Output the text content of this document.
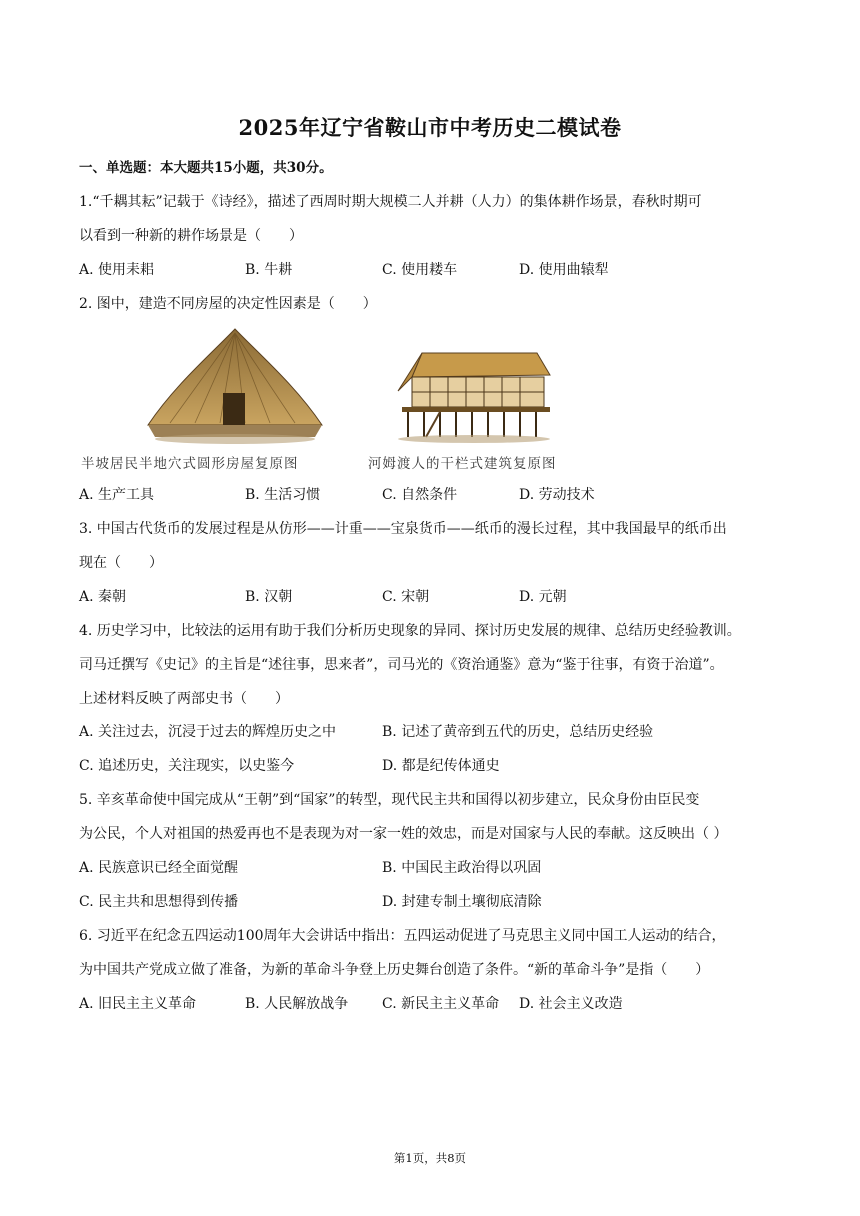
2025年辽宁省鞍山市中考历史二模试卷
一、单选题：本大题共15小题，共30分。
1.“千耦其耘”记载于《诗经》，描述了西周时期大规模二人并耕（人力）的集体耕作场景，春秋时期可
以看到一种新的耕作场景是（　　）
A. 使用耒耜	B. 牛耕	C. 使用耧车	D. 使用曲辕犁
2. 图中，建造不同房屋的决定性因素是（　　）
半坡居民半地穴式圆形房屋复原图	河姆渡人的干栏式建筑复原图
A. 生产工具	B. 生活习惯	C. 自然条件	D. 劳动技术
3. 中国古代货币的发展过程是从仿形——计重——宝泉货币——纸币的漫长过程，其中我国最早的纸币出
现在（　　）
A. 秦朝	B. 汉朝	C. 宋朝	D. 元朝
4. 历史学习中，比较法的运用有助于我们分析历史现象的异同、探讨历史发展的规律、总结历史经验教训。
司马迁撰写《史记》的主旨是“述往事，思来者”，司马光的《资治通鉴》意为“鉴于往事，有资于治道”。
上述材料反映了两部史书（　　）
A. 关注过去，沉浸于过去的辉煌历史之中	B. 记述了黄帝到五代的历史，总结历史经验
C. 追述历史，关注现实，以史鉴今	D. 都是纪传体通史
5. 辛亥革命使中国完成从“王朝”到“国家”的转型，现代民主共和国得以初步建立，民众身份由臣民变
为公民，个人对祖国的热爱再也不是表现为对一家一姓的效忠，而是对国家与人民的奉献。这反映出（ ）
A. 民族意识已经全面觉醒	B. 中国民主政治得以巩固
C. 民主共和思想得到传播	D. 封建专制土壤彻底清除
6. 习近平在纪念五四运动100周年大会讲话中指出：五四运动促进了马克思主义同中国工人运动的结合，
为中国共产党成立做了准备，为新的革命斗争登上历史舞台创造了条件。“新的革命斗争”是指（　　）
A. 旧民主主义革命	B. 人民解放战争 C. 新民主主义革命 D. 社会主义改造
第1页，共8页
